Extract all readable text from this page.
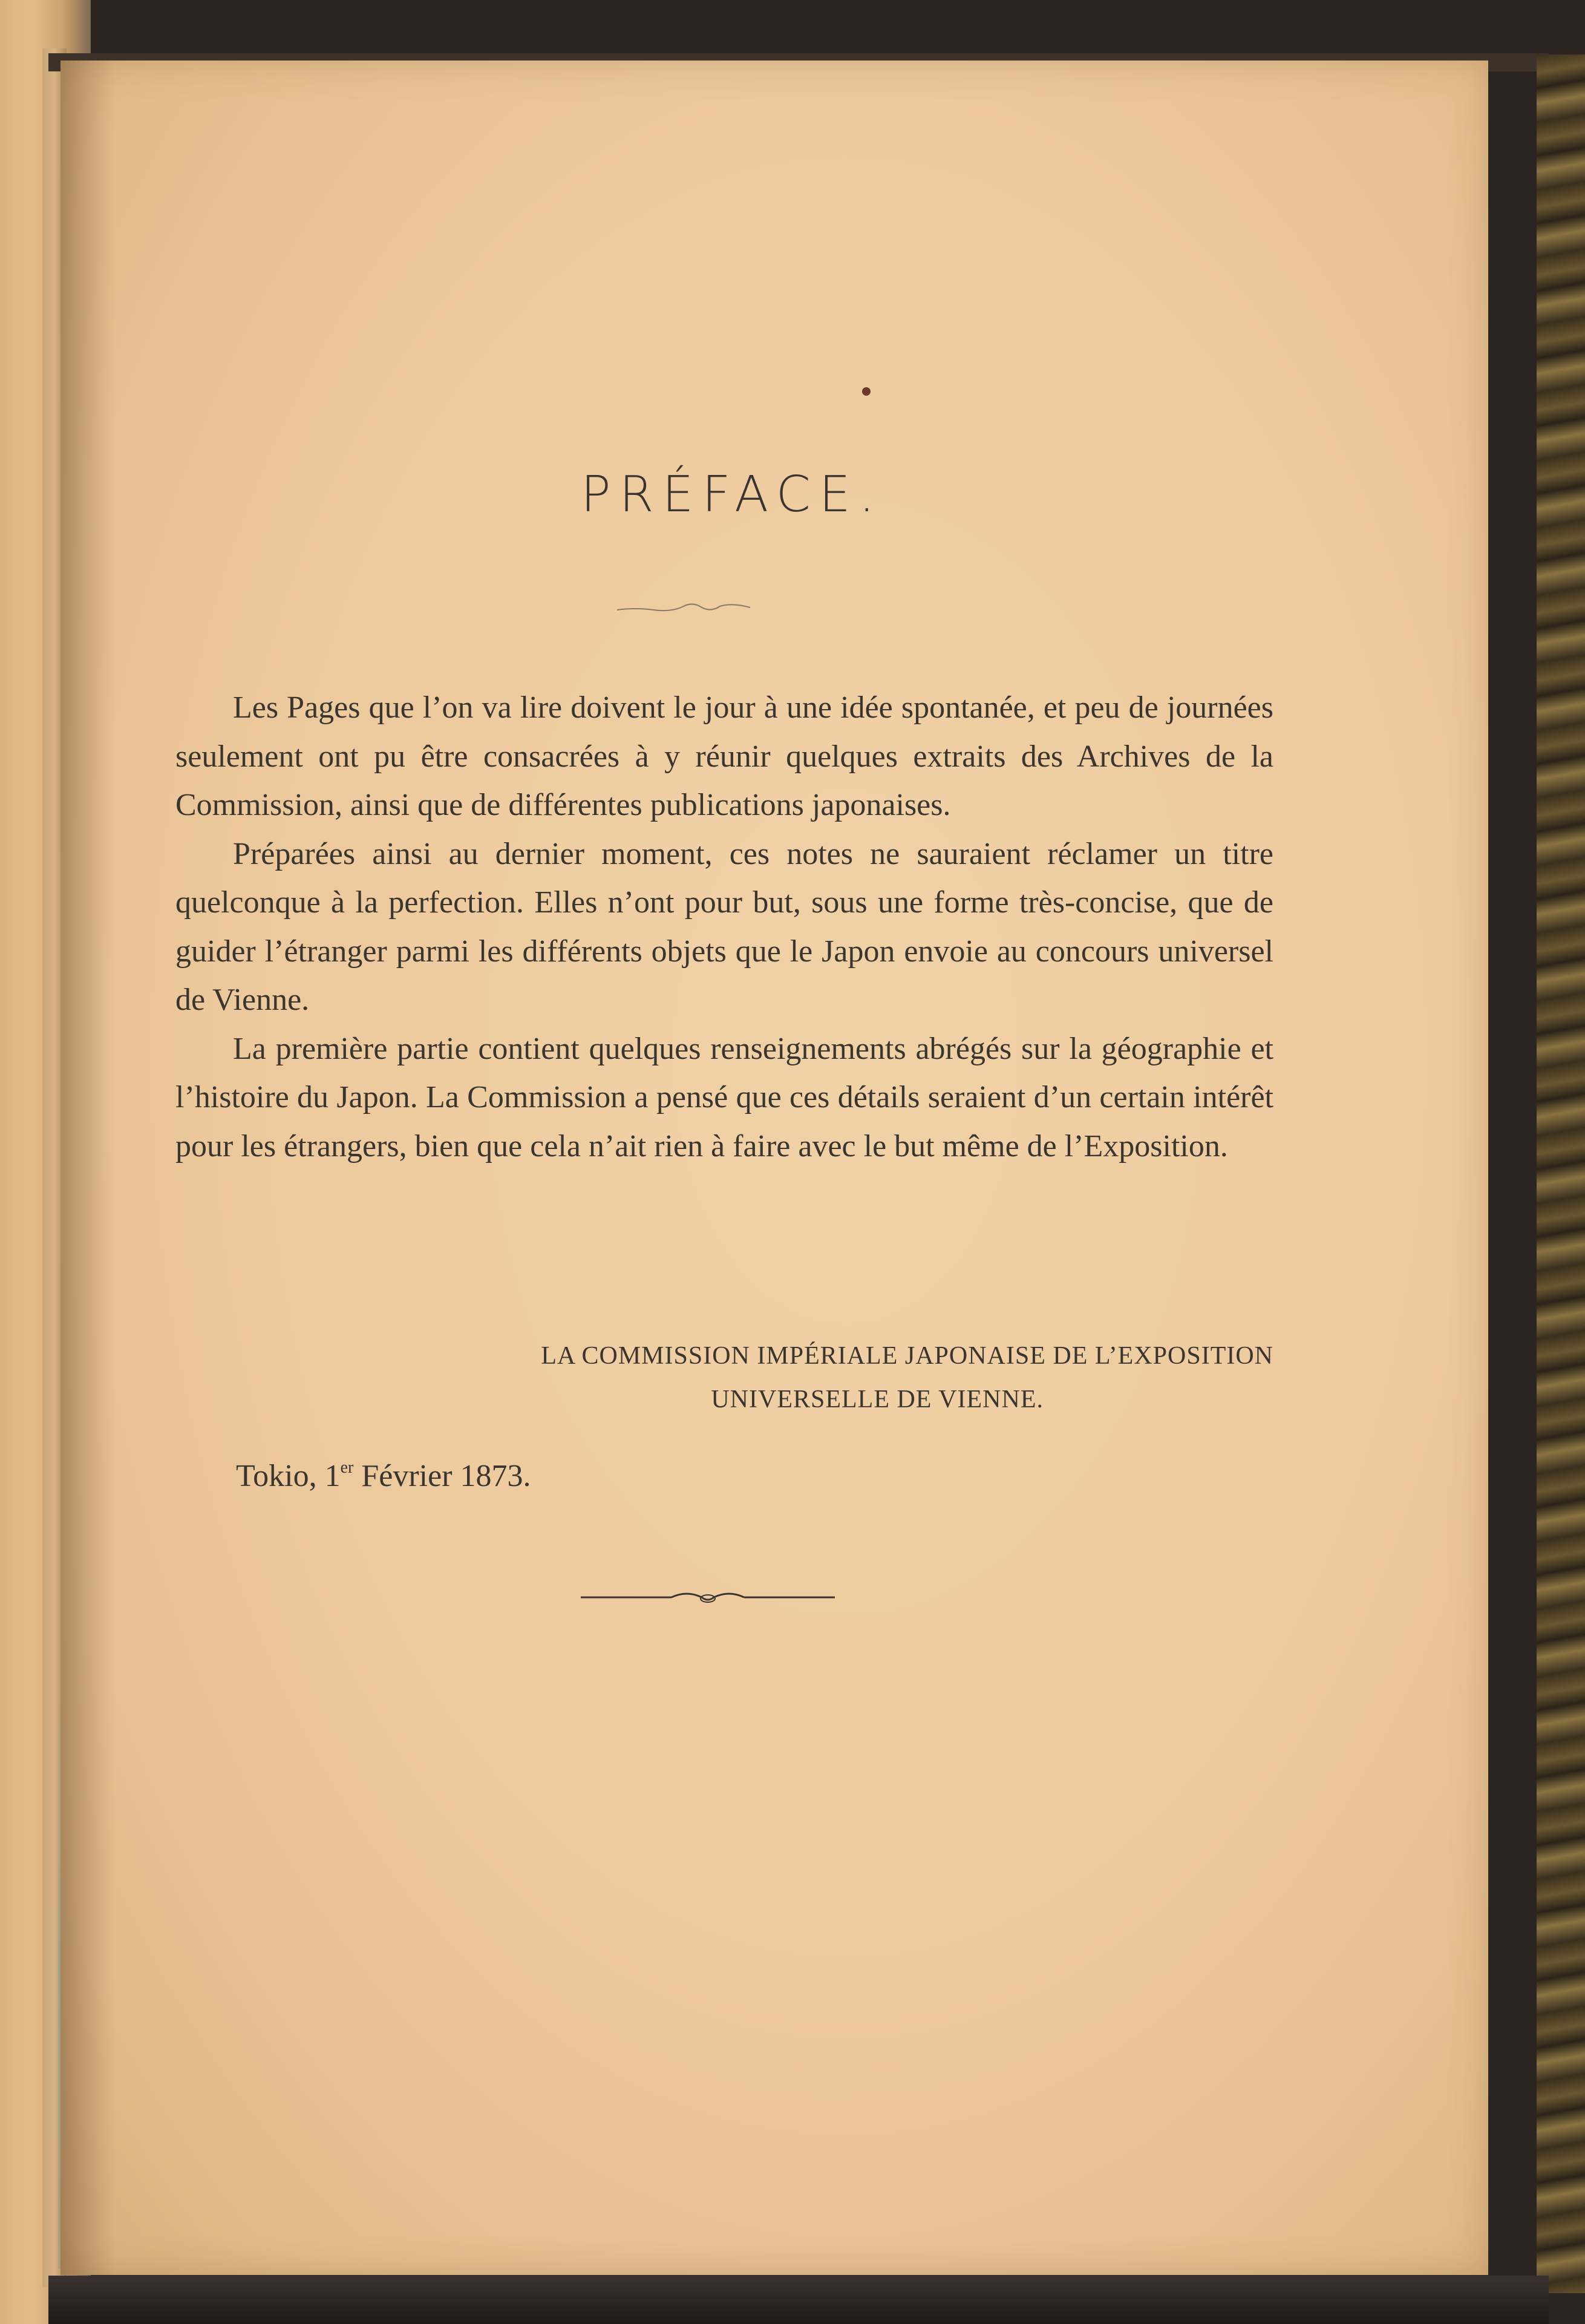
PRÉFACE.

Les Pages que l’on va lire doivent le jour à une idée spontanée, et peu de journées seulement ont pu être consacrées à y réunir quelques extraits des Archives de la Commission, ainsi que de différentes publications japonaises.

Préparées ainsi au dernier moment, ces notes ne sauraient réclamer un titre quelconque à la perfection. Elles n’ont pour but, sous une forme très-concise, que de guider l’étranger parmi les différents objets que le Japon envoie au concours universel de Vienne.

La première partie contient quelques renseignements abrégés sur la géographie et l’histoire du Japon. La Commission a pensé que ces détails seraient d’un certain intérêt pour les étrangers, bien que cela n’ait rien à faire avec le but même de l’Exposition.

LA COMMISSION IMPÉRIALE JAPONAISE DE L’EXPOSITION
UNIVERSELLE DE VIENNE.
Tokio, 1er Février 1873.
